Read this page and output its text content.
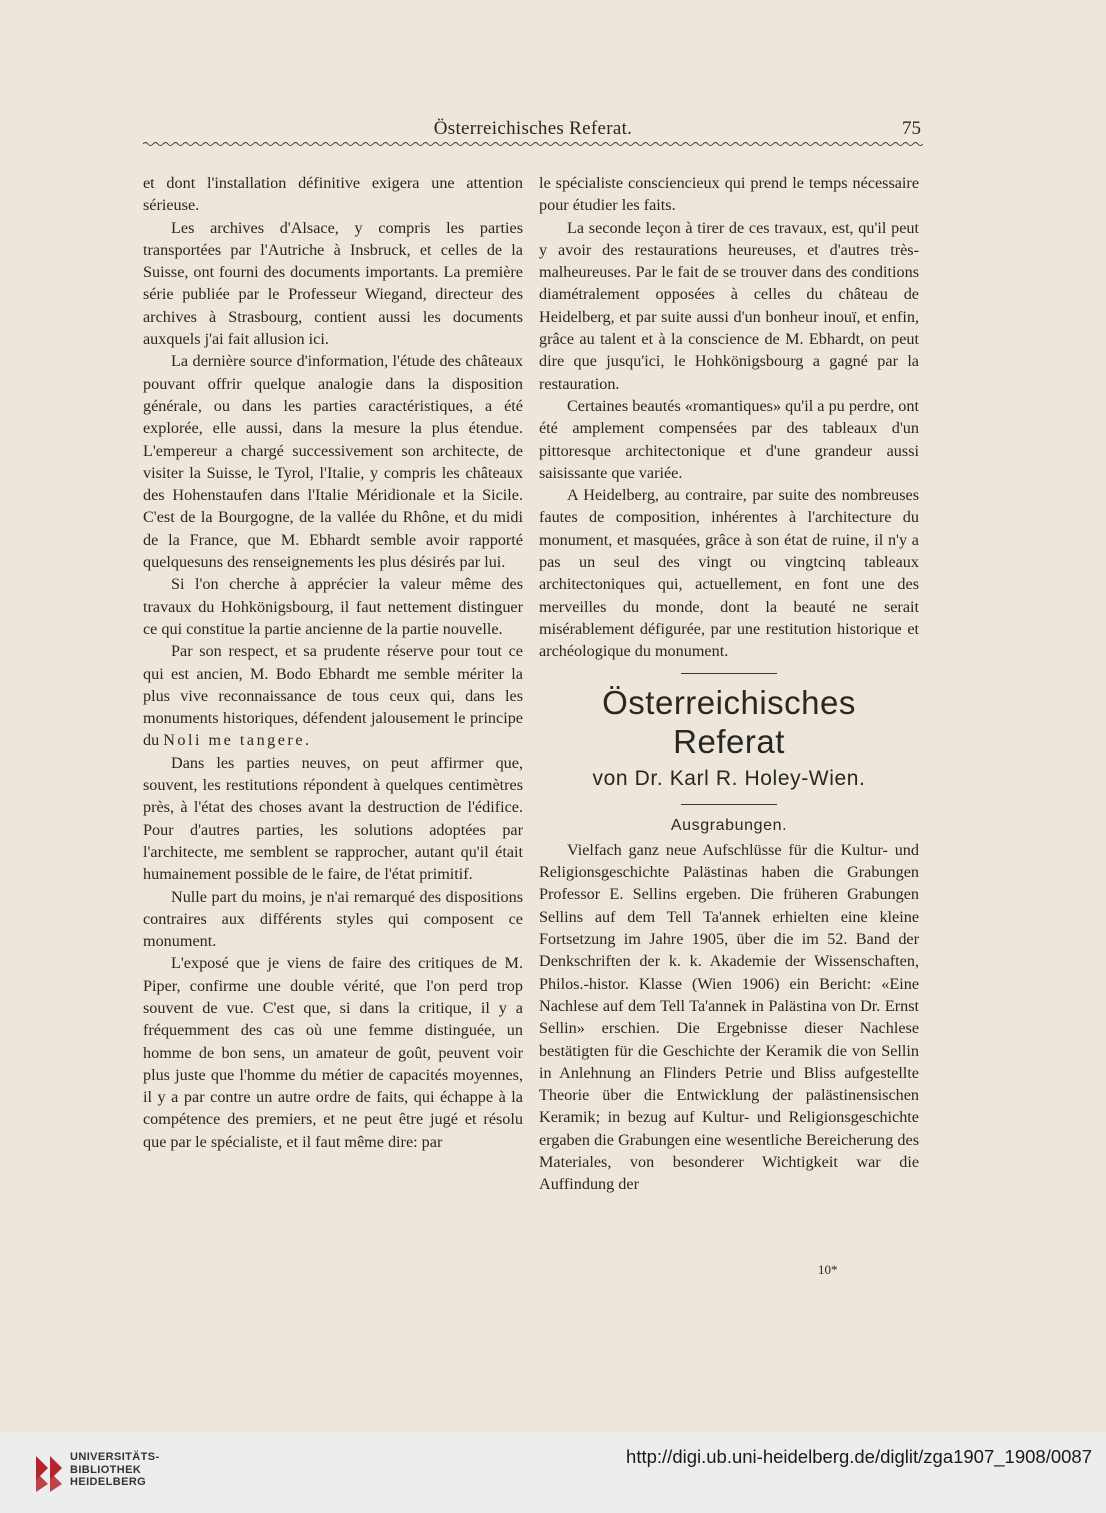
Österreichisches Referat.	75

et dont l'installation définitive exigera une attention sérieuse.

Les archives d'Alsace, y compris les parties transportées par l'Autriche à Insbruck, et celles de la Suisse, ont fourni des documents importants. La première série publiée par le Professeur Wiegand, directeur des archives à Strasbourg, contient aussi les documents auxquels j'ai fait allusion ici.

La dernière source d'information, l'étude des châteaux pouvant offrir quelque analogie dans la disposition générale, ou dans les parties caractéristiques, a été explorée, elle aussi, dans la mesure la plus étendue. L'empereur a chargé successivement son architecte, de visiter la Suisse, le Tyrol, l'Italie, y compris les châteaux des Hohenstaufen dans l'Italie Méridionale et la Sicile. C'est de la Bourgogne, de la vallée du Rhône, et du midi de la France, que M. Ebhardt semble avoir rapporté quelquesuns des renseignements les plus désirés par lui.

Si l'on cherche à apprécier la valeur même des travaux du Hohkönigsbourg, il faut nettement distinguer ce qui constitue la partie ancienne de la partie nouvelle.

Par son respect, et sa prudente réserve pour tout ce qui est ancien, M. Bodo Ebhardt me semble mériter la plus vive reconnaissance de tous ceux qui, dans les monuments historiques, défendent jalousement le principe du Noli me tangere.

Dans les parties neuves, on peut affirmer que, souvent, les restitutions répondent à quelques centimètres près, à l'état des choses avant la destruction de l'édifice. Pour d'autres parties, les solutions adoptées par l'architecte, me semblent se rapprocher, autant qu'il était humainement possible de le faire, de l'état primitif.

Nulle part du moins, je n'ai remarqué des dispositions contraires aux différents styles qui composent ce monument.

L'exposé que je viens de faire des critiques de M. Piper, confirme une double vérité, que l'on perd trop souvent de vue. C'est que, si dans la critique, il y a fréquemment des cas où une femme distinguée, un homme de bon sens, un amateur de goût, peuvent voir plus juste que l'homme du métier de capacités moyennes, il y a par contre un autre ordre de faits, qui échappe à la compétence des premiers, et ne peut être jugé et résolu que par le spécialiste, et il faut même dire: par

le spécialiste consciencieux qui prend le temps nécessaire pour étudier les faits.

La seconde leçon à tirer de ces travaux, est, qu'il peut y avoir des restaurations heureuses, et d'autres très-malheureuses. Par le fait de se trouver dans des conditions diamétralement opposées à celles du château de Heidelberg, et par suite aussi d'un bonheur inouï, et enfin, grâce au talent et à la conscience de M. Ebhardt, on peut dire que jusqu'ici, le Hohkönigsbourg a gagné par la restauration.

Certaines beautés «romantiques» qu'il a pu perdre, ont été amplement compensées par des tableaux d'un pittoresque architectonique et d'une grandeur aussi saisissante que variée.

A Heidelberg, au contraire, par suite des nombreuses fautes de composition, inhérentes à l'architecture du monument, et masquées, grâce à son état de ruine, il n'y a pas un seul des vingt ou vingtcinq tableaux architectoniques qui, actuellement, en font une des merveilles du monde, dont la beauté ne serait misérablement défigurée, par une restitution historique et archéologique du monument.

Österreichisches
Referat
von Dr. Karl R. Holey-Wien.
Ausgrabungen.

Vielfach ganz neue Aufschlüsse für die Kultur- und Religionsgeschichte Palästinas haben die Grabungen Professor E. Sellins ergeben. Die früheren Grabungen Sellins auf dem Tell Ta'annek erhielten eine kleine Fortsetzung im Jahre 1905, über die im 52. Band der Denkschriften der k. k. Akademie der Wissenschaften, Philos.-histor. Klasse (Wien 1906) ein Bericht: «Eine Nachlese auf dem Tell Ta'annek in Palästina von Dr. Ernst Sellin» erschien. Die Ergebnisse dieser Nachlese bestätigten für die Geschichte der Keramik die von Sellin in Anlehnung an Flinders Petrie und Bliss aufgestellte Theorie über die Entwicklung der palästinensischen Keramik; in bezug auf Kultur- und Religionsgeschichte ergaben die Grabungen eine wesentliche Bereicherung des Materiales, von besonderer Wichtigkeit war die Auffindung der

10*
UNIVERSITÄTS-
BIBLIOTHEK
HEIDELBERG
http://digi.ub.uni-heidelberg.de/diglit/zga1907_1908/0087
